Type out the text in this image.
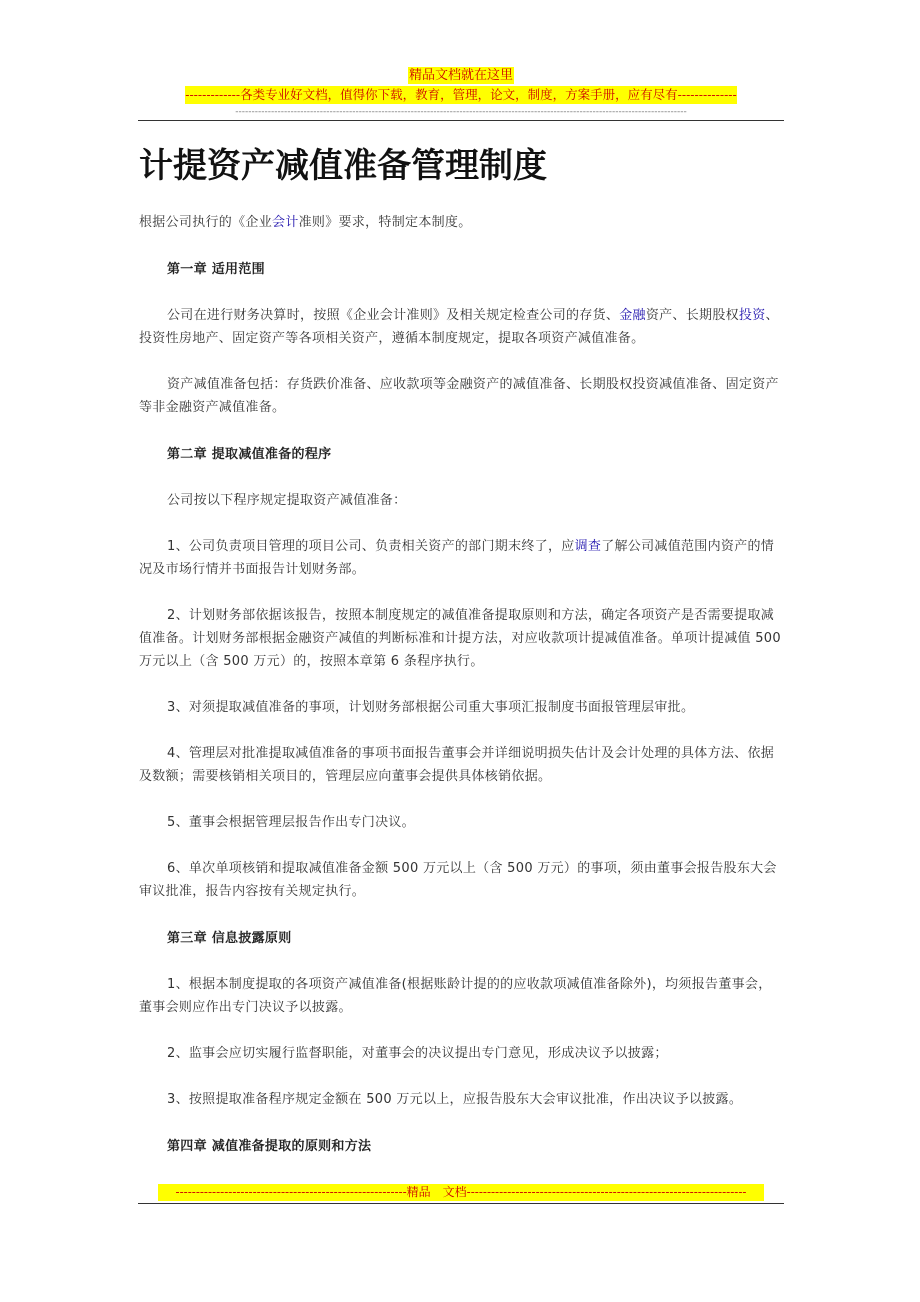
精品文档就在这里
-------------各类专业好文档，值得你下载，教育，管理，论文，制度，方案手册，应有尽有--------------
-------------------------------------------------------------------------------------------------------------------------------------------
计提资产减值准备管理制度

根据公司执行的《企业会计准则》要求，特制定本制度。

第一章 适用范围

公司在进行财务决算时，按照《企业会计准则》及相关规定检查公司的存货、金融资产、长期股权投资、投资性房地产、固定资产等各项相关资产，遵循本制度规定，提取各项资产减值准备。

资产减值准备包括：存货跌价准备、应收款项等金融资产的减值准备、长期股权投资减值准备、固定资产等非金融资产减值准备。

第二章 提取减值准备的程序

公司按以下程序规定提取资产减值准备：

1、公司负责项目管理的项目公司、负责相关资产的部门期末终了，应调查了解公司减值范围内资产的情况及市场行情并书面报告计划财务部。

2、计划财务部依据该报告，按照本制度规定的减值准备提取原则和方法，确定各项资产是否需要提取减值准备。计划财务部根据金融资产减值的判断标准和计提方法，对应收款项计提减值准备。单项计提减值 500 万元以上（含 500 万元）的，按照本章第 6 条程序执行。

3、对须提取减值准备的事项，计划财务部根据公司重大事项汇报制度书面报管理层审批。

4、管理层对批准提取减值准备的事项书面报告董事会并详细说明损失估计及会计处理的具体方法、依据及数额；需要核销相关项目的，管理层应向董事会提供具体核销依据。

5、董事会根据管理层报告作出专门决议。

6、单次单项核销和提取减值准备金额 500 万元以上（含 500 万元）的事项，须由董事会报告股东大会审议批准，报告内容按有关规定执行。

第三章 信息披露原则

1、根据本制度提取的各项资产减值准备(根据账龄计提的的应收款项减值准备除外)，均须报告董事会，董事会则应作出专门决议予以披露。

2、监事会应切实履行监督职能，对董事会的决议提出专门意见，形成决议予以披露；

3、按照提取准备程序规定金额在 500 万元以上，应报告股东大会审议批准，作出决议予以披露。

第四章 减值准备提取的原则和方法

---------------------------------------------------------精品　文档---------------------------------------------------------------------
